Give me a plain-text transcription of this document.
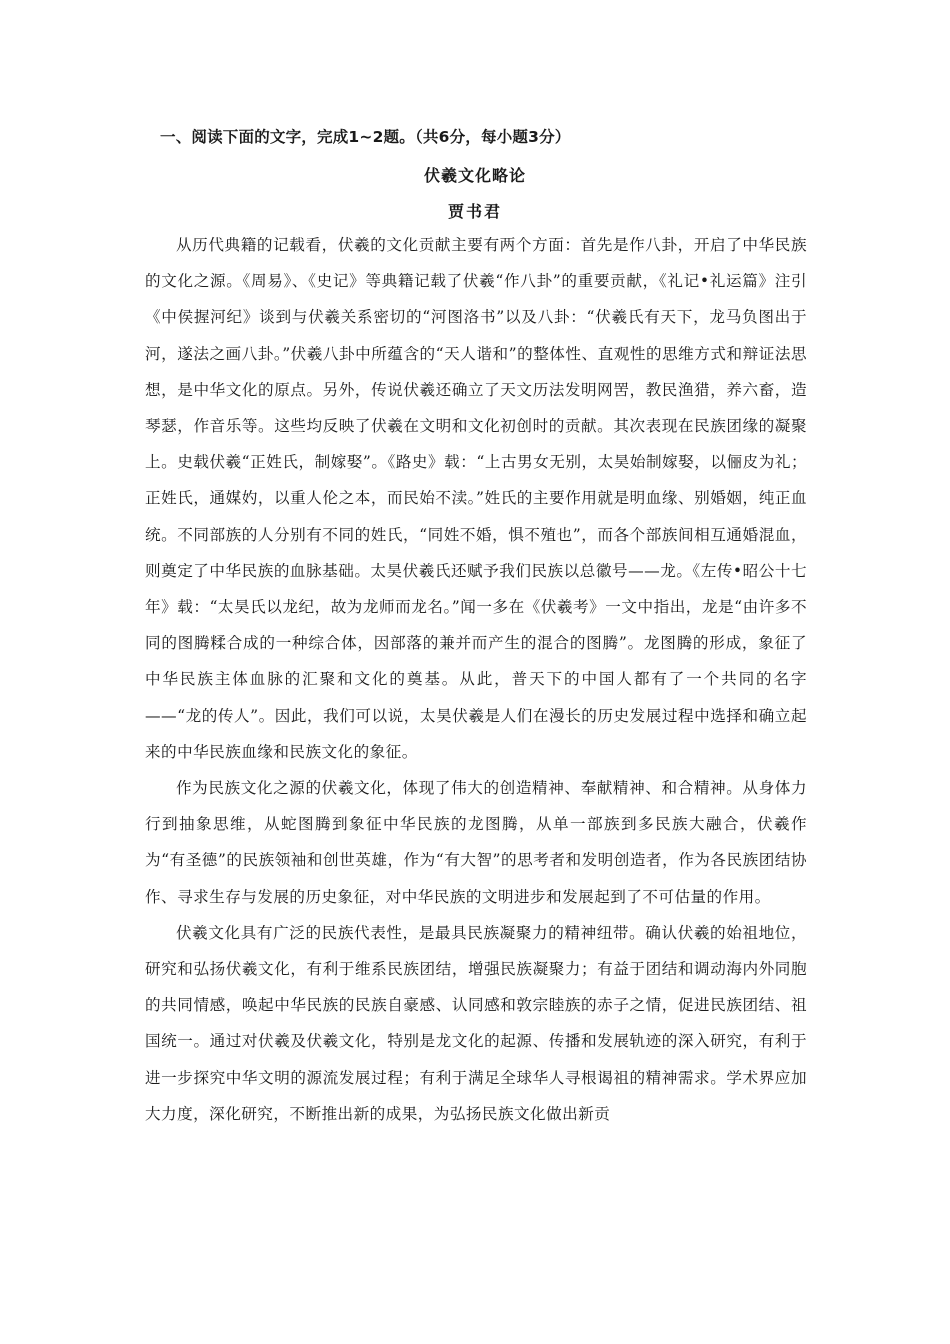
一、阅读下面的文字，完成1~2题。（共6分，每小题3分）
伏羲文化略论
贾书君

从历代典籍的记载看，伏羲的文化贡献主要有两个方面：首先是作八卦，开启了中华民族的文化之源。《周易》、《史记》等典籍记载了伏羲“作八卦”的重要贡献，《礼记•礼运篇》注引《中侯握河纪》谈到与伏羲关系密切的“河图洛书”以及八卦：“伏羲氏有天下，龙马负图出于河，遂法之画八卦。”伏羲八卦中所蕴含的“天人谐和”的整体性、直观性的思维方式和辩证法思想，是中华文化的原点。另外，传说伏羲还确立了天文历法发明网罟，教民渔猎，养六畜，造琴瑟，作音乐等。这些均反映了伏羲在文明和文化初创时的贡献。其次表现在民族团缘的凝聚上。史载伏羲“正姓氏，制嫁娶”。《路史》载：“上古男女无别，太昊始制嫁娶，以俪皮为礼；正姓氏，通媒妁，以重人伦之本，而民始不渎。”姓氏的主要作用就是明血缘、别婚姻，纯正血统。不同部族的人分别有不同的姓氏，“同姓不婚，惧不殖也”，而各个部族间相互通婚混血，则奠定了中华民族的血脉基础。太昊伏羲氏还赋予我们民族以总徽号——龙。《左传•昭公十七年》载：“太昊氏以龙纪，故为龙师而龙名。”闻一多在《伏羲考》一文中指出，龙是“由许多不同的图腾糅合成的一种综合体，因部落的兼并而产生的混合的图腾”。龙图腾的形成，象征了中华民族主体血脉的汇聚和文化的奠基。从此，普天下的中国人都有了一个共同的名字——“龙的传人”。因此，我们可以说，太昊伏羲是人们在漫长的历史发展过程中选择和确立起来的中华民族血缘和民族文化的象征。

作为民族文化之源的伏羲文化，体现了伟大的创造精神、奉献精神、和合精神。从身体力行到抽象思维，从蛇图腾到象征中华民族的龙图腾，从单一部族到多民族大融合，伏羲作为“有圣德”的民族领袖和创世英雄，作为“有大智”的思考者和发明创造者，作为各民族团结协作、寻求生存与发展的历史象征，对中华民族的文明进步和发展起到了不可估量的作用。

伏羲文化具有广泛的民族代表性，是最具民族凝聚力的精神纽带。确认伏羲的始祖地位，研究和弘扬伏羲文化，有利于维系民族团结，增强民族凝聚力；有益于团结和调动海内外同胞的共同情感，唤起中华民族的民族自豪感、认同感和敦宗睦族的赤子之情，促进民族团结、祖国统一。通过对伏羲及伏羲文化，特别是龙文化的起源、传播和发展轨迹的深入研究，有利于进一步探究中华文明的源流发展过程；有利于满足全球华人寻根谒祖的精神需求。学术界应加大力度，深化研究，不断推出新的成果，为弘扬民族文化做出新贡
